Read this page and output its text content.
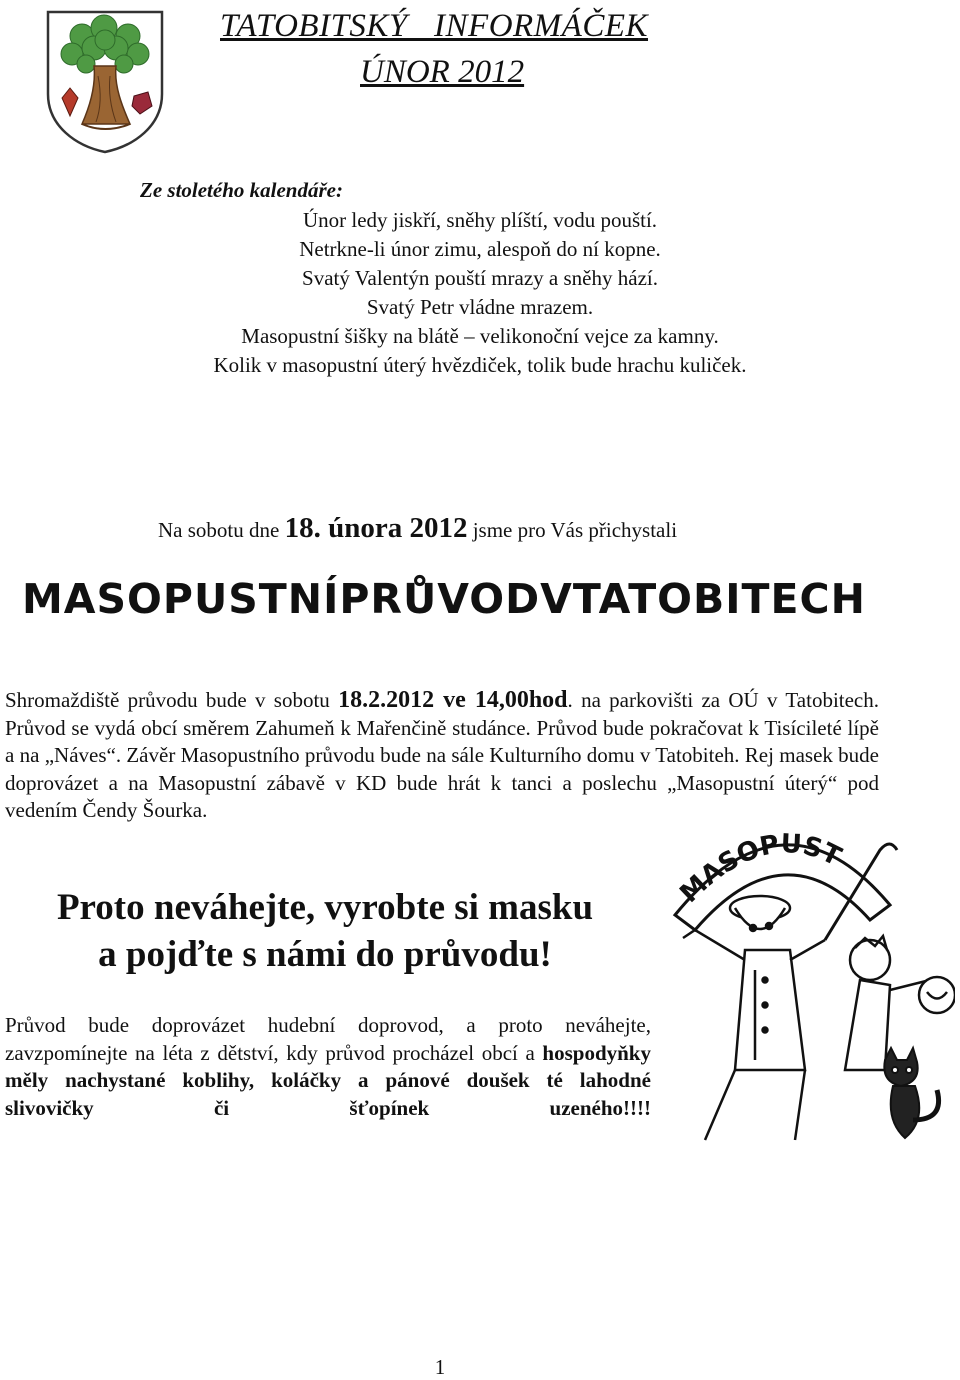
TATOBITSKÝ   INFORMÁČEK
ÚNOR 2012
Ze stoletého kalendáře:
Únor ledy jiskří, sněhy plíští, vodu pouští.
Netrkne-li únor zimu, alespoň do ní kopne.
Svatý Valentýn pouští mrazy a sněhy hází.
Svatý Petr vládne mrazem.
Masopustní šišky na blátě – velikonoční vejce za kamny.
Kolik v masopustní úterý hvězdiček, tolik bude hrachu kuliček.
Na sobotu dne 18. února 2012 jsme pro Vás přichystali
MASOPUSTNÍ PRŮVOD V TATOBITECH
Shromaždiště průvodu bude v sobotu 18.2.2012 ve 14,00hod. na parkovišti za OÚ v Tatobitech. Průvod se vydá obcí směrem Zahumeň k Mařenčině studánce. Průvod bude pokračovat k Tisícileté lípě a na „Náves“. Závěr Masopustního průvodu bude na sále Kulturního domu v Tatobiteh. Rej masek bude doprovázet a na Masopustní zábavě v KD bude hrát k tanci a poslechu „Masopustní úterý“ pod vedením Čendy Šourka.
Proto neváhejte, vyrobte si masku
a pojďte s námi do průvodu!
Průvod bude doprovázet hudební doprovod, a proto neváhejte, zavzpomínejte na léta z dětství, kdy průvod procházel obcí a hospodyňky měly nachystané koblihy, koláčky a pánové doušek té lahodné slivovičky či šťopínek uzeného!!!!
MASOPUST
1
